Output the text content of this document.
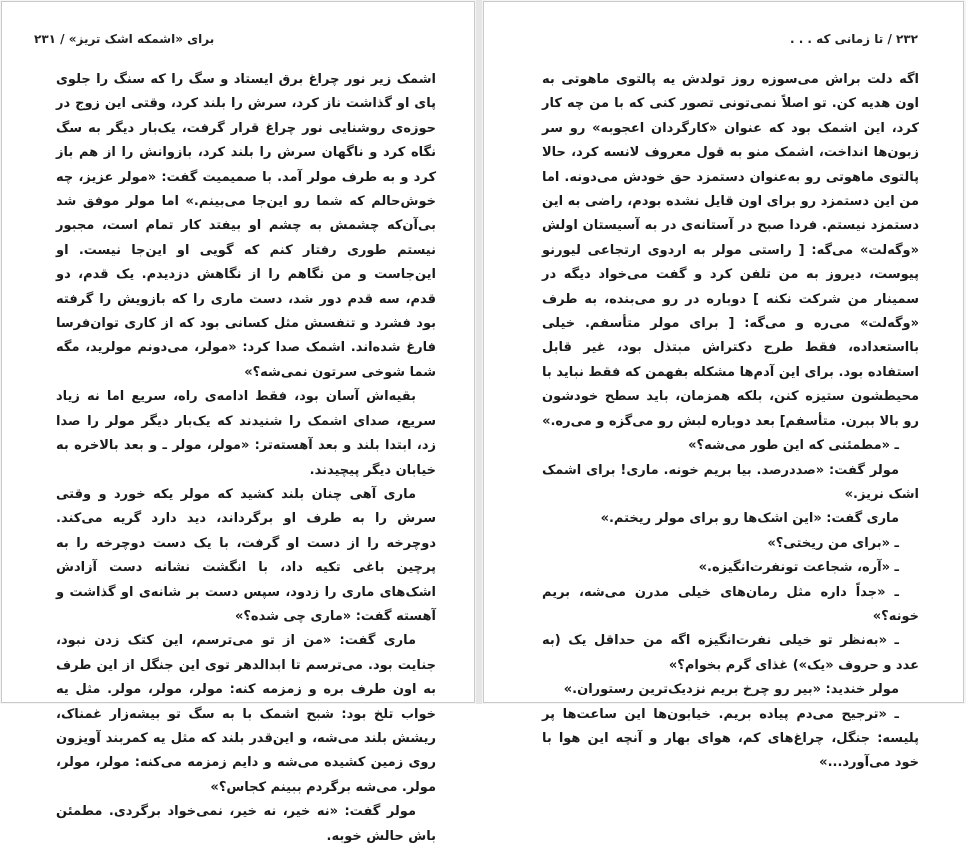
برای «اشمکه اشک تریز» / ۲۳۱

اشمک زیر نور چراغ برق ایستاد و سگ را که سنگ را جلوی پای او گذاشت ناز کرد، سرش را بلند کرد، وقتی این زوج در حوزه‌ی روشنایی نور چراغ قرار گرفت، یک‌بار دیگر به سگ نگاه کرد و ناگهان سرش را بلند کرد، بازوانش را از هم باز کرد و به طرف مولر آمد. با صمیمیت گفت: «مولر عزیز، چه خوش‌حالم که شما رو این‌جا می‌بینم.» اما مولر موفق شد بی‌آن‌که چشمش به چشم او بیفتد کار تمام است، مجبور نیستم طوری رفتار کنم که گویی او این‌جا نیست. او این‌جاست و من نگاهم را از نگاهش دزدیدم. یک قدم، دو قدم، سه قدم دور شد، دست ماری را که بازویش را گرفته بود فشرد و تنفسش مثل کسانی بود که از کاری توان‌فرسا فارغ شده‌اند. اشمک صدا کرد: «مولر، می‌دونم مولرید، مگه شما شوخی سرتون نمی‌شه؟»

بقیه‌اش آسان بود، فقط ادامه‌ی راه، سریع اما نه زیاد سریع، صدای اشمک را شنیدند که یک‌بار دیگر مولر را صدا زد، ابتدا بلند و بعد آهسته‌تر: «مولر، مولر ـ و بعد بالاخره به خیابان دیگر پیچیدند.

ماری آهی چنان بلند کشید که مولر یکه خورد و وقتی سرش را به طرف او برگرداند، دید دارد گریه می‌کند. دوچرخه را از دست او گرفت، با یک دست دوچرخه را به پرچین باغی تکیه داد، با انگشت نشانه دست آزادش اشک‌های ماری را زدود، سپس دست بر شانه‌ی او گذاشت و آهسته گفت: «ماری چی شده؟»

ماری گفت: «من از تو می‌ترسم، این کتک زدن نبود، جنایت بود. می‌ترسم تا ابدالدهر توی این جنگل از این طرف به اون طرف بره و زمزمه کنه: مولر، مولر، مولر. مثل یه خواب تلخ بود: شبح اشمک با به سگ تو بیشه‌زار غمناک، ریشش بلند می‌شه، و این‌قدر بلند که مثل یه کمربند آویزون روی زمین کشیده می‌شه و دایم زمزمه می‌کنه: مولر، مولر، مولر. می‌شه برگردم ببینم کجاس؟»

مولر گفت: «نه خیر، نه خیر، نمی‌خواد برگردی. مطمئن باش حالش خوبه.

۲۳۲ / تا زمانی که . . .

اگه دلت براش می‌سوزه روز تولدش یه پالتوی ماهوتی به اون هدیه کن. تو اصلاً نمی‌تونی تصور کنی که با من چه کار کرد، این اشمک بود که عنوان «کارگردان اعجوبه» رو سر زبون‌ها انداخت، اشمک منو به قول معروف لانسه کرد، حالا پالتوی ماهوتی رو به‌عنوان دستمزد حق خودش می‌دونه. اما من این دستمزد رو برای اون قایل نشده بودم، راضی به این دستمزد نیستم. فردا صبح در آستانه‌ی در به آسیستان اولش «وگه‌لت» می‌گه: [ راستی مولر به اردوی ارتجاعی لیورنو پیوست، دیروز به من تلفن کرد و گفت می‌خواد دیگه در سمینار من شرکت نکنه ] دوباره در رو می‌بنده، به طرف «وگه‌لت» می‌ره و می‌گه: [ برای مولر متأسفم. خیلی بااستعداده، فقط طرح دکتراش مبتذل بود، غیر قابل استفاده بود. برای این آدم‌ها مشکله بفهمن که فقط نباید با محیطشون ستیزه کنن، بلکه همزمان، باید سطح خودشون رو بالا ببرن. متأسفم] بعد دوباره لبش رو می‌گزه و می‌ره.»

ـ «مطمئنی که این طور می‌شه؟»

مولر گفت: «صددرصد. بیا بریم خونه. ماری! برای اشمک اشک نریز.»

ماری گفت: «این اشک‌ها رو برای مولر ریختم.»

ـ «برای من ریختی؟»

ـ «آره، شجاعت تونفرت‌انگیزه.»

ـ «جداً داره مثل رمان‌های خیلی مدرن می‌شه، بریم خونه؟»

ـ «به‌نظر تو خیلی نفرت‌انگیزه اگه من حداقل یک (به عدد و حروف «یک») غذای گرم بخوام؟»

مولر خندید: «بیر رو چرخ بریم نزدیک‌ترین رستوران.»

ـ «ترجیح می‌دم پیاده بریم. خیابون‌ها این ساعت‌ها پر پلیسه: جنگل، چراغ‌های کم، هوای بهار و آنچه این هوا با خود می‌آورد...»
